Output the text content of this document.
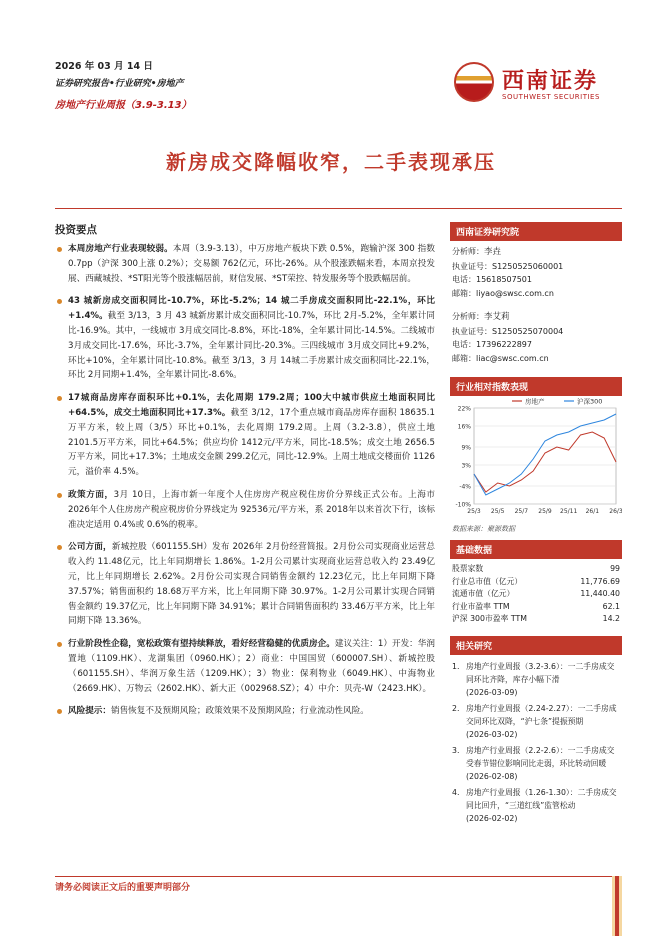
2026 年 03 月 14 日
证券研究报告•行业研究•房地产
房地产行业周报（3.9-3.13）
西南证券
SOUTHWEST SECURITIES
新房成交降幅收窄，二手表现承压
投资要点
本周房地产行业表现较弱。本周（3.9-3.13），中万房地产板块下跌 0.5%，跑输沪深 300 指数 0.7pp（沪深 300上涨 0.2%）；交易额 762亿元，环比-26%。从个股涨跌幅来看，本周京投发展、西藏城投、*ST阳光等个股涨幅居前，财信发展、*ST荣控、特发服务等个股跌幅居前。
43 城新房成交面积同比-10.7%，环比-5.2%；14 城二手房成交面积同比-22.1%，环比+1.4%。截至 3/13，3 月 43 城新房累计成交面积同比-10.7%，环比 2月-5.2%，全年累计同比-16.9%。其中，一线城市 3月成交同比-8.8%，环比-18%，全年累计同比-14.5%。二线城市 3月成交同比-17.6%，环比-3.7%，全年累计同比-20.3%。三四线城市 3月成交同比+9.2%，环比+10%，全年累计同比-10.8%。截至 3/13，3 月 14城二手房累计成交面积同比-22.1%，环比 2月同期+1.4%，全年累计同比-8.6%。
17城商品房库存面积环比+0.1%，去化周期 179.2周；100大中城市供应土地面积同比+64.5%，成交土地面积同比+17.3%。截至 3/12，17个重点城市商品房库存面积 18635.1万平方米，较上周（3/5）环比+0.1%，去化周期 179.2周。上周（3.2-3.8），供应土地 2101.5万平方米，同比+64.5%；供应均价 1412元/平方米，同比-18.5%；成交土地 2656.5万平方米，同比+17.3%；土地成交金额 299.2亿元，同比-12.9%。上周土地成交楼面价 1126元，溢价率 4.5%。
政策方面，3月 10日，上海市新一年度个人住房房产税应税住房价分界线正式公布。上海市 2026年个人住房房产税应税房价分界线定为 92536元/平方米，系 2018年以来首次下行，该标准决定适用 0.4%或 0.6%的税率。
公司方面，新城控股（601155.SH）发布 2026年 2月份经营简报。2月份公司实现商业运营总收入约 11.48亿元，比上年同期增长 1.86%。1-2月公司累计实现商业运营总收入约 23.49亿元，比上年同期增长 2.62%。2月份公司实现合同销售金额约 12.23亿元，比上年同期下降 37.57%；销售面积约 18.68万平方米，比上年同期下降 30.97%。1-2月公司累计实现合同销售金额约 19.37亿元，比上年同期下降 34.91%；累计合同销售面积约 33.46万平方米，比上年同期下降 13.36%。
行业阶段性企稳，宽松政策有望持续释放，看好经营稳健的优质房企。建议关注：1）开发：华润置地（1109.HK）、龙湖集团（0960.HK）；2）商业：中国国贸（600007.SH）、新城控股（601155.SH）、华润万象生活（1209.HK）；3）物业：保利物业（6049.HK）、中海物业（2669.HK）、万物云（2602.HK）、新大正（002968.SZ）；4）中介：贝壳-W（2423.HK）。
风险提示：销售恢复不及预期风险；政策效果不及预期风险；行业流动性风险。
西南证券研究院
分析师：李垚
执业证号：S1250525060001
电话：15618507501
邮箱：liyao@swsc.com.cn
分析师：李艾莉
执业证号：S1250525070004
电话：17396222897
邮箱：liac@swsc.com.cn
行业相对指数表现
22%
16%
9%
3%
-4%
-10%
25/3 25/5 25/7 25/9 25/11 26/1 26/3
房地产	沪深300
数据来源：聚源数据
基础数据
股票家数	99
行业总市值（亿元）	11,776.69
流通市值（亿元）	11,440.40
行业市盈率 TTM	62.1
沪深 300市盈率 TTM	14.2
相关研究
1. 房地产行业周报（3.2-3.6）：一二手房成交同环比齐降，库存小幅下滑
(2026-03-09)
2. 房地产行业周报（2.24-2.27）：一二手房成交同环比双降，“沪七条”提振预期
(2026-03-02)
3. 房地产行业周报（2.2-2.6）：一二手房成交受春节错位影响同比走弱，环比转动回暖
(2026-02-08)
4. 房地产行业周报（1.26-1.30）：二手房成交同比回升，“三道红线”监管松动
(2026-02-02)
请务必阅读正文后的重要声明部分
